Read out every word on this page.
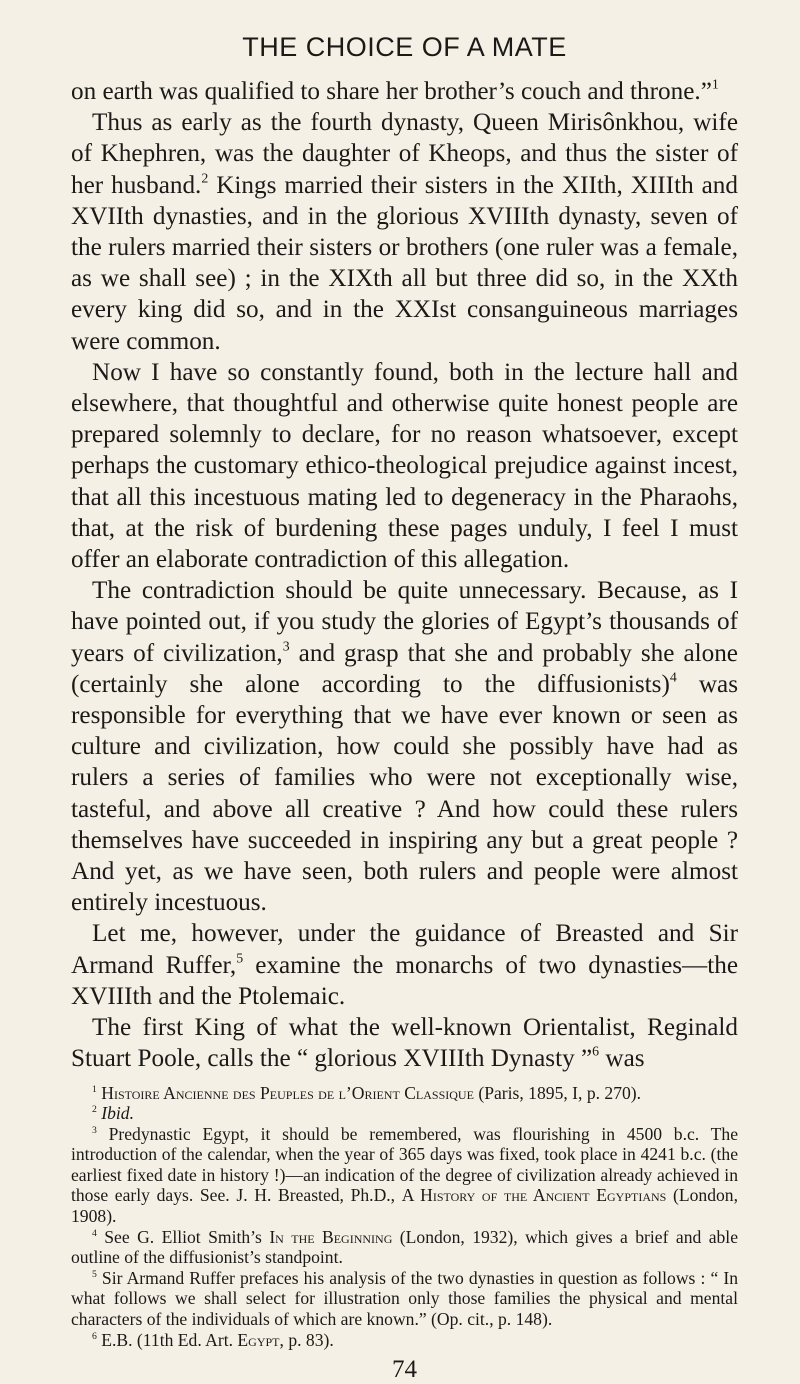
THE CHOICE OF A MATE

on earth was qualified to share her brother’s couch and throne.”$^1$

Thus as early as the fourth dynasty, Queen Mirisônkhou, wife of Khephren, was the daughter of Kheops, and thus the sister of her husband.$^2$ Kings married their sisters in the XIIth, XIIIth and XVIIth dynasties, and in the glorious XVIIIth dynasty, seven of the rulers married their sisters or brothers (one ruler was a female, as we shall see) ; in the XIXth all but three did so, in the XXth every king did so, and in the XXIst consanguineous marriages were common.

Now I have so constantly found, both in the lecture hall and elsewhere, that thoughtful and otherwise quite honest people are prepared solemnly to declare, for no reason whatsoever, except perhaps the customary ethico-theological prejudice against incest, that all this incestuous mating led to degeneracy in the Pharaohs, that, at the risk of burdening these pages unduly, I feel I must offer an elaborate contradiction of this allegation.

The contradiction should be quite unnecessary. Because, as I have pointed out, if you study the glories of Egypt’s thousands of years of civilization,$^3$ and grasp that she and probably she alone (certainly she alone according to the diffusionists)$^4$ was responsible for everything that we have ever known or seen as culture and civilization, how could she possibly have had as rulers a series of families who were not exceptionally wise, tasteful, and above all creative ? And how could these rulers themselves have succeeded in inspiring any but a great people ? And yet, as we have seen, both rulers and people were almost entirely incestuous.

Let me, however, under the guidance of Breasted and Sir Armand Ruffer,$^5$ examine the monarchs of two dynasties—the XVIIIth and the Ptolemaic.

The first King of what the well-known Orientalist, Reginald Stuart Poole, calls the “ glorious XVIIIth Dynasty ”$^6$ was

$^1$ Histoire Ancienne des Peuples de l’Orient Classique (Paris, 1895, I, p. 270).

$^2$ Ibid.

$^3$ Predynastic Egypt, it should be remembered, was flourishing in 4500 b.c. The introduction of the calendar, when the year of 365 days was fixed, took place in 4241 b.c. (the earliest fixed date in history !)—an indication of the degree of civilization already achieved in those early days. See. J. H. Breasted, Ph.D., A History of the Ancient Egyptians (London, 1908).

$^4$ See G. Elliot Smith’s In the Beginning (London, 1932), which gives a brief and able outline of the diffusionist’s standpoint.

$^5$ Sir Armand Ruffer prefaces his analysis of the two dynasties in question as follows : “ In what follows we shall select for illustration only those families the physical and mental characters of the individuals of which are known.” (Op. cit., p. 148).

$^6$ E.B. (11th Ed. Art. Egypt, p. 83).

74
